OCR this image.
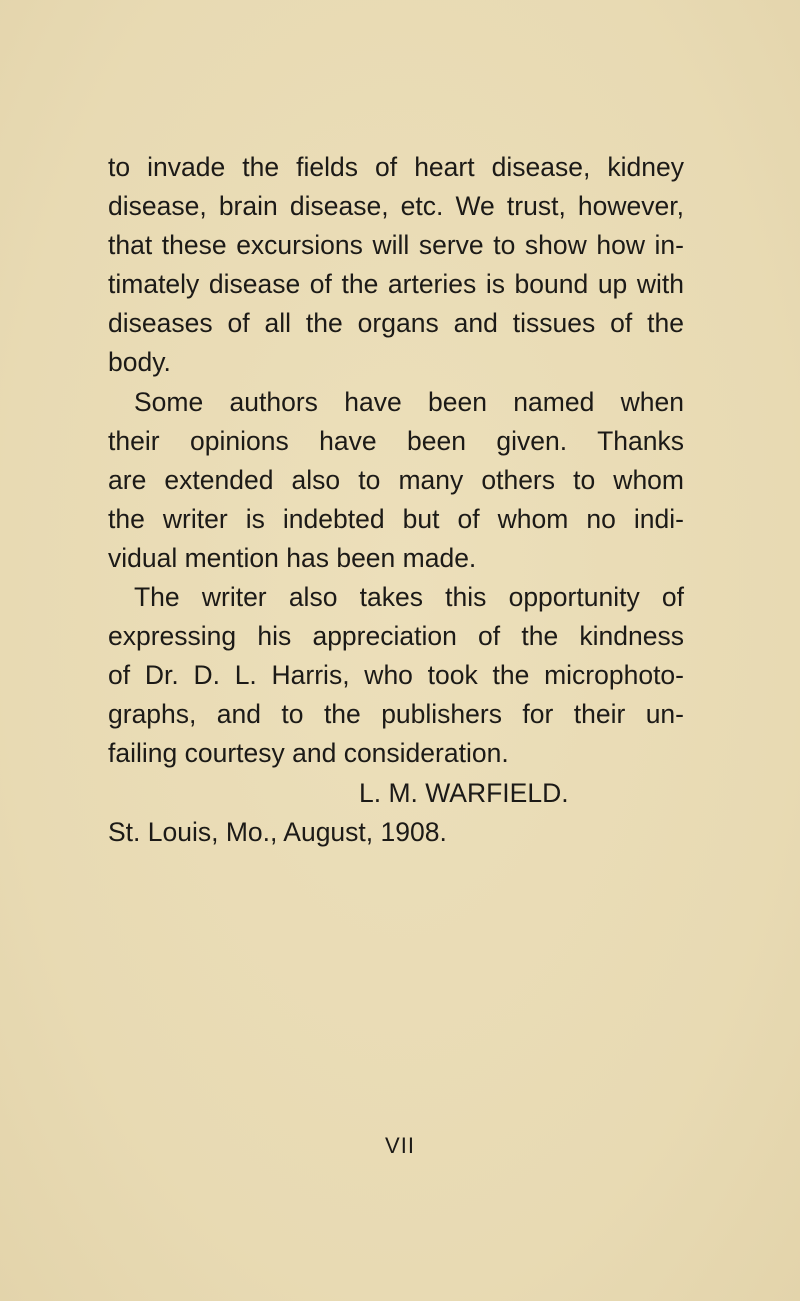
to invade the fields of heart disease, kidney
disease, brain disease, etc. We trust, however,
that these excursions will serve to show how in-
timately disease of the arteries is bound up with
diseases of all the organs and tissues of the
body.
Some authors have been named when
their opinions have been given. Thanks
are extended also to many others to whom
the writer is indebted but of whom no indi-
vidual mention has been made.
The writer also takes this opportunity of
expressing his appreciation of the kindness
of Dr. D. L. Harris, who took the microphoto-
graphs, and to the publishers for their un-
failing courtesy and consideration.
L. M. WARFIELD.
St. Louis, Mo., August, 1908.
VII
